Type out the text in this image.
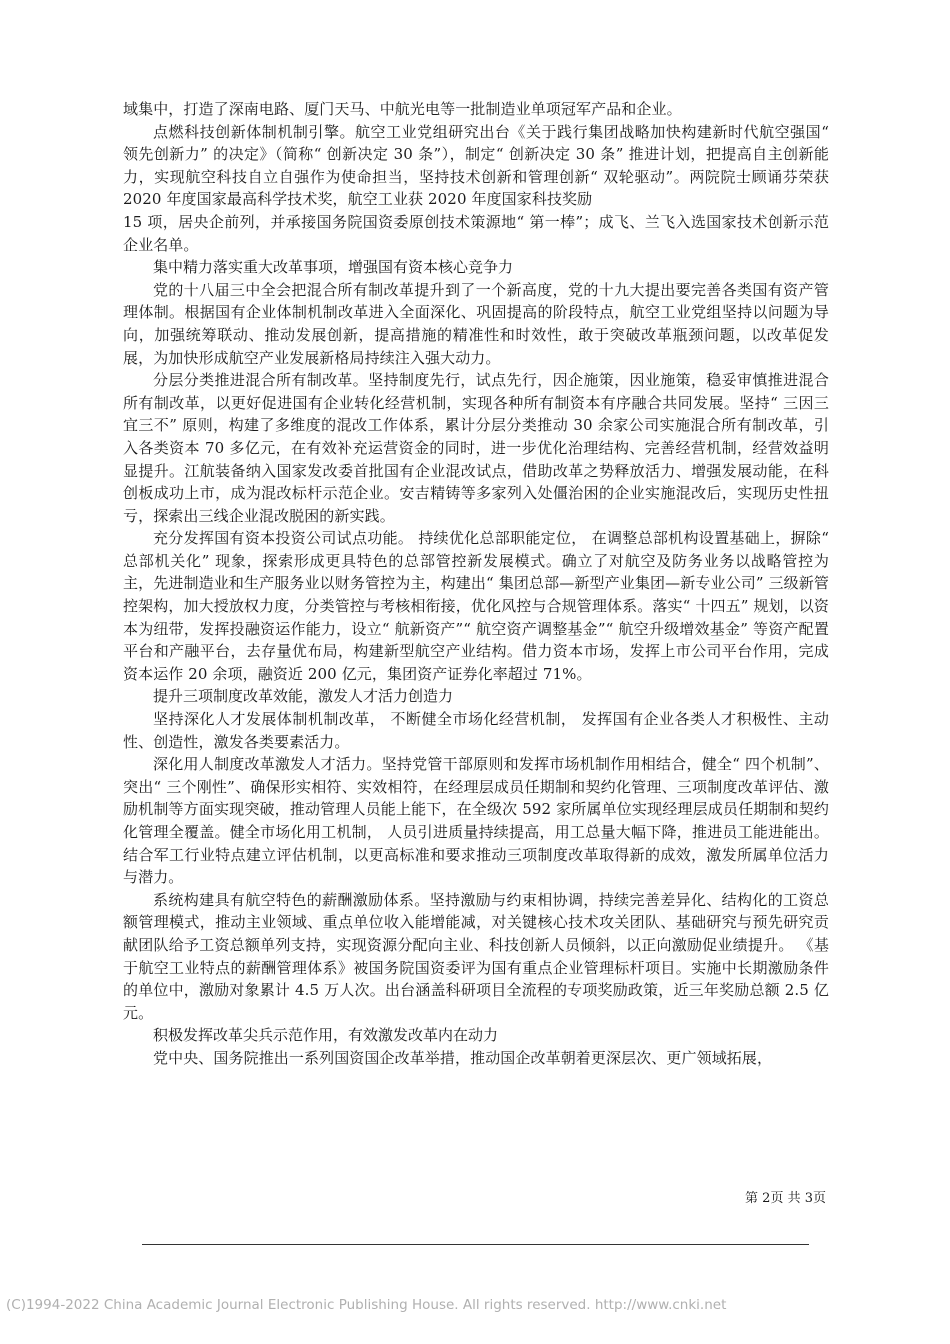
域集中，打造了深南电路、厦门天马、中航光电等一批制造业单项冠军产品和企业。

点燃科技创新体制机制引擎。航空工业党组研究出台《关于践行集团战略加快构建新时代航空强国“ 领先创新力” 的决定》（简称“ 创新决定 30 条”），制定“ 创新决定 30 条” 推进计划，把提高自主创新能力，实现航空科技自立自强作为使命担当，坚持技术创新和管理创新“ 双轮驱动”。两院院士顾诵芬荣获 2020 年度国家最高科学技术奖，航空工业获 2020 年度国家科技奖励

15 项，居央企前列，并承接国务院国资委原创技术策源地“ 第一棒”；成飞、兰飞入选国家技术创新示范企业名单。

集中精力落实重大改革事项，增强国有资本核心竞争力

党的十八届三中全会把混合所有制改革提升到了一个新高度，党的十九大提出要完善各类国有资产管理体制。根据国有企业体制机制改革进入全面深化、巩固提高的阶段特点，航空工业党组坚持以问题为导向，加强统筹联动、推动发展创新，提高措施的精准性和时效性，敢于突破改革瓶颈问题，以改革促发展，为加快形成航空产业发展新格局持续注入强大动力。

分层分类推进混合所有制改革。坚持制度先行，试点先行，因企施策，因业施策，稳妥审慎推进混合所有制改革，以更好促进国有企业转化经营机制，实现各种所有制资本有序融合共同发展。坚持“ 三因三宜三不” 原则，构建了多维度的混改工作体系，累计分层分类推动 30 余家公司实施混合所有制改革，引入各类资本 70 多亿元，在有效补充运营资金的同时，进一步优化治理结构、完善经营机制，经营效益明显提升。江航装备纳入国家发改委首批国有企业混改试点，借助改革之势释放活力、增强发展动能，在科创板成功上市，成为混改标杆示范企业。安吉精铸等多家列入处僵治困的企业实施混改后，实现历史性扭亏，探索出三线企业混改脱困的新实践。

充分发挥国有资本投资公司试点功能。 持续优化总部职能定位， 在调整总部机构设置基础上，摒除“ 总部机关化” 现象，探索形成更具特色的总部管控新发展模式。确立了对航空及防务业务以战略管控为主，先进制造业和生产服务业以财务管控为主，构建出“ 集团总部—新型产业集团—新专业公司” 三级新管控架构，加大授放权力度，分类管控与考核相衔接，优化风控与合规管理体系。落实“ 十四五” 规划，以资本为纽带，发挥投融资运作能力，设立“ 航新资产”“ 航空资产调整基金”“ 航空升级增效基金” 等资产配置平台和产融平台，去存量优布局，构建新型航空产业结构。借力资本市场，发挥上市公司平台作用，完成资本运作 20 余项，融资近 200 亿元，集团资产证券化率超过 71%。

提升三项制度改革效能，激发人才活力创造力

坚持深化人才发展体制机制改革， 不断健全市场化经营机制， 发挥国有企业各类人才积极性、主动性、创造性，激发各类要素活力。

深化用人制度改革激发人才活力。坚持党管干部原则和发挥市场机制作用相结合，健全“ 四个机制”、突出“ 三个刚性”、确保形实相符、实效相符，在经理层成员任期制和契约化管理、三项制度改革评估、激励机制等方面实现突破，推动管理人员能上能下，在全级次 592 家所属单位实现经理层成员任期制和契约化管理全覆盖。健全市场化用工机制， 人员引进质量持续提高，用工总量大幅下降，推进员工能进能出。结合军工行业特点建立评估机制，以更高标准和要求推动三项制度改革取得新的成效，激发所属单位活力与潜力。

系统构建具有航空特色的薪酬激励体系。坚持激励与约束相协调，持续完善差异化、结构化的工资总额管理模式，推动主业领域、重点单位收入能增能减，对关键核心技术攻关团队、基础研究与预先研究贡献团队给予工资总额单列支持，实现资源分配向主业、科技创新人员倾斜，以正向激励促业绩提升。 《基于航空工业特点的薪酬管理体系》被国务院国资委评为国有重点企业管理标杆项目。实施中长期激励条件的单位中，激励对象累计 4.5 万人次。出台涵盖科研项目全流程的专项奖励政策，近三年奖励总额 2.5 亿元。

积极发挥改革尖兵示范作用，有效激发改革内在动力

党中央、国务院推出一系列国资国企改革举措，推动国企改革朝着更深层次、更广领域拓展，

第 2页 共 3页
(C)1994-2022 China Academic Journal Electronic Publishing House. All rights reserved. http://www.cnki.net
